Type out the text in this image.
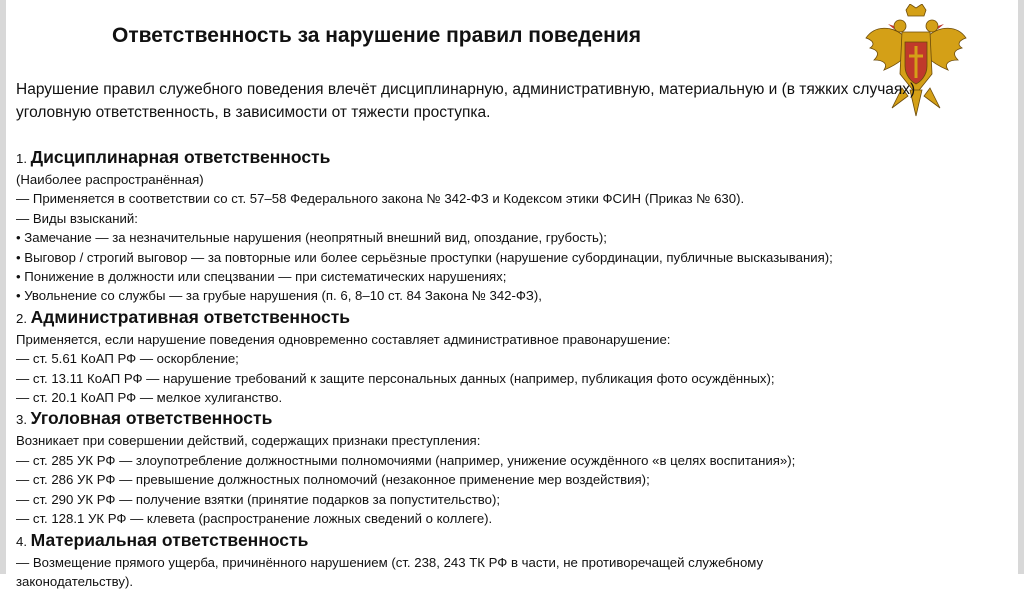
Ответственность за нарушение правил поведения
Нарушение правил служебного поведения влечёт дисциплинарную, административную, материальную и (в тяжких случаях) уголовную ответственность, в зависимости от тяжести проступка.
1. Дисциплинарная ответственность
(Наиболее распространённая)
— Применяется в соответствии со ст. 57–58 Федерального закона № 342-ФЗ и Кодексом этики ФСИН (Приказ № 630).
— Виды взысканий:
• Замечание — за незначительные нарушения (неопрятный внешний вид, опоздание, грубость);
• Выговор / строгий выговор — за повторные или более серьёзные проступки (нарушение субординации, публичные высказывания);
• Понижение в должности или спецзвании — при систематических нарушениях;
• Увольнение со службы — за грубые нарушения (п. 6, 8–10 ст. 84 Закона № 342-ФЗ),
2. Административная ответственность
Применяется, если нарушение поведения одновременно составляет административное правонарушение:
— ст. 5.61 КоАП РФ — оскорбление;
— ст. 13.11 КоАП РФ — нарушение требований к защите персональных данных (например, публикация фото осуждённых);
— ст. 20.1 КоАП РФ — мелкое хулиганство.
3. Уголовная ответственность
Возникает при совершении действий, содержащих признаки преступления:
— ст. 285 УК РФ — злоупотребление должностными полномочиями (например, унижение осуждённого «в целях воспитания»);
— ст. 286 УК РФ — превышение должностных полномочий (незаконное применение мер воздействия);
— ст. 290 УК РФ — получение взятки (принятие подарков за попустительство);
— ст. 128.1 УК РФ — клевета (распространение ложных сведений о коллеге).
4. Материальная ответственность
— Возмещение прямого ущерба, причинённого нарушением (ст. 238, 243 ТК РФ в части, не противоречащей служебному
законодательству).
